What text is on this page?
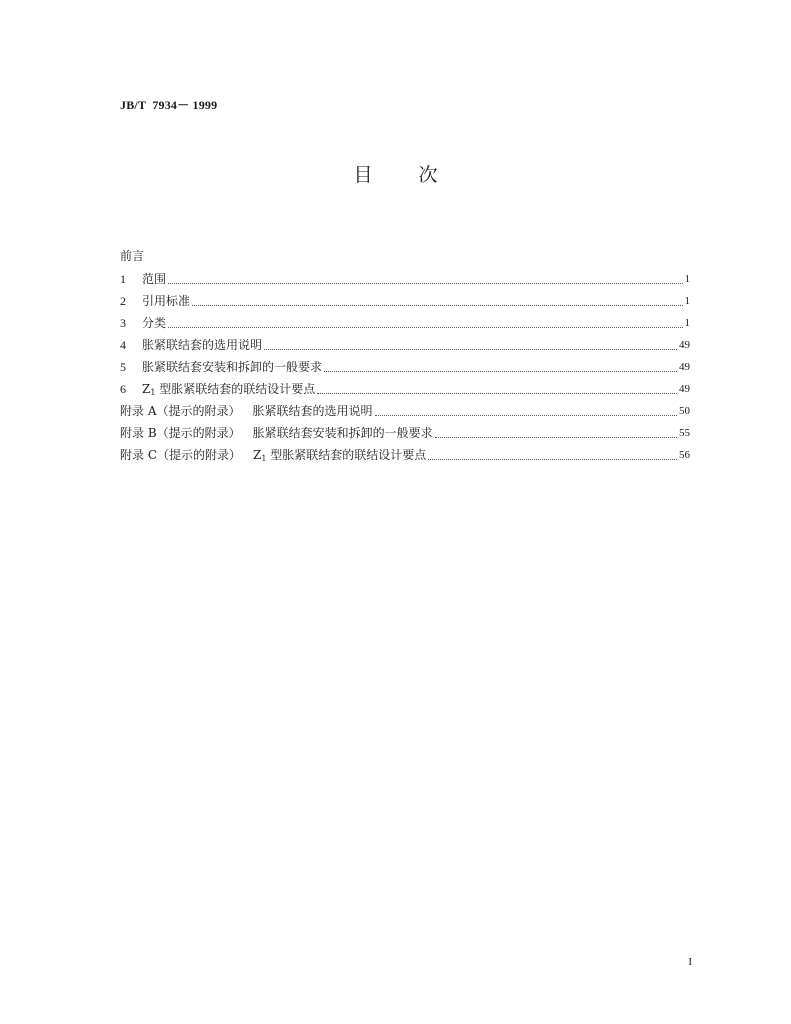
JB/T  7934－ 1999
目 次
前言
1	范围	1
2	引用标准	1
3	分类	1
4	胀紧联结套的选用说明	49
5	胀紧联结套安装和拆卸的一般要求	49
6	$Z_1$ 型胀紧联结套的联结设计要点	49
附录 A（提示的附录） 胀紧联结套的选用说明	50
附录 B（提示的附录） 胀紧联结套安装和拆卸的一般要求	55
附录 C（提示的附录） $Z_1$ 型胀紧联结套的联结设计要点	56
I
